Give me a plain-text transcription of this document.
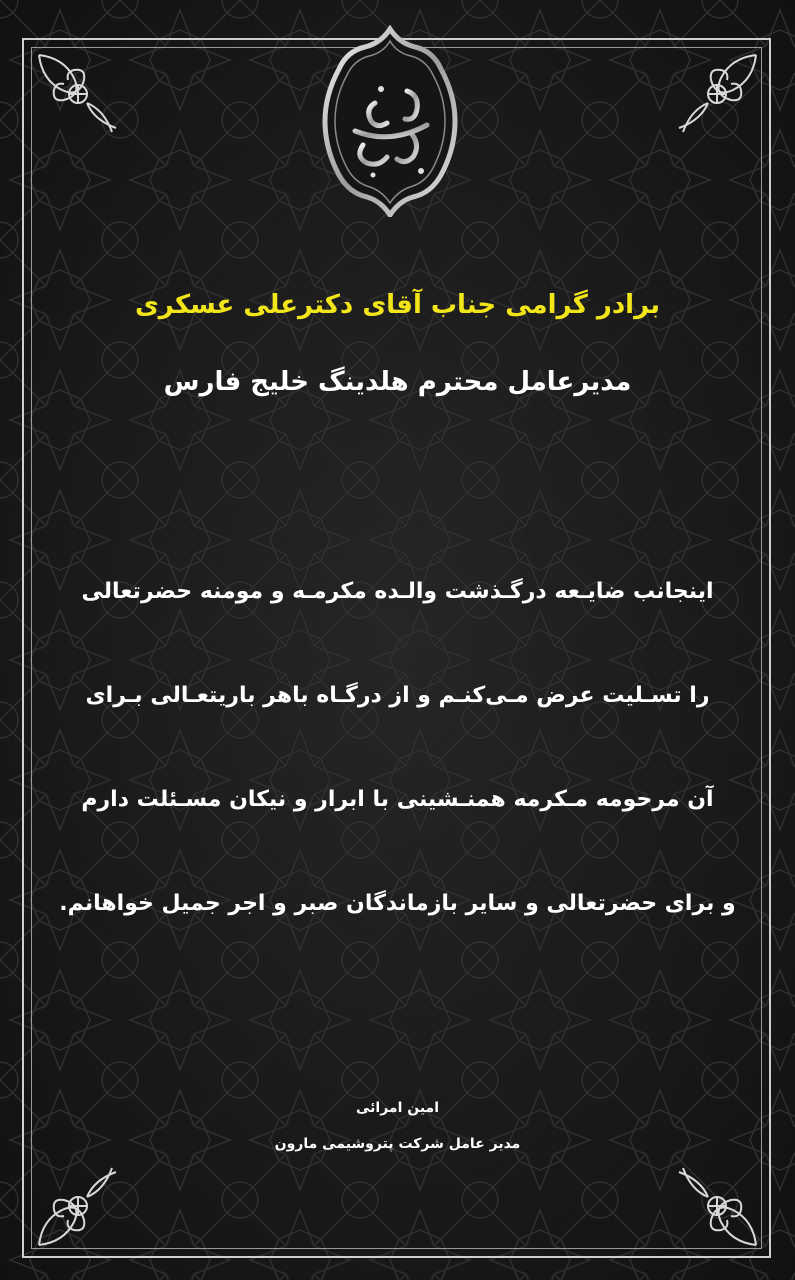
برادر گرامی جناب آقای دکترعلی عسکری
مدیرعامل محترم هلدینگ خلیج فارس
اینجانب ضایـعه درگـذشت والـده مکرمـه و مومنه حضرتعالی
را تسـلیت عرض مـی‌کنـم و از درگـاه باهر باریتعـالی بـرای
آن مرحومه مـکرمه همنـشینی با ابرار و نیکان مسـئلت دارم
و برای حضرتعالی و سایر بازماندگان صبر و اجر جمیل خواهانم.
امین امرائی
مدیر عامل شرکت پتروشیمی مارون
